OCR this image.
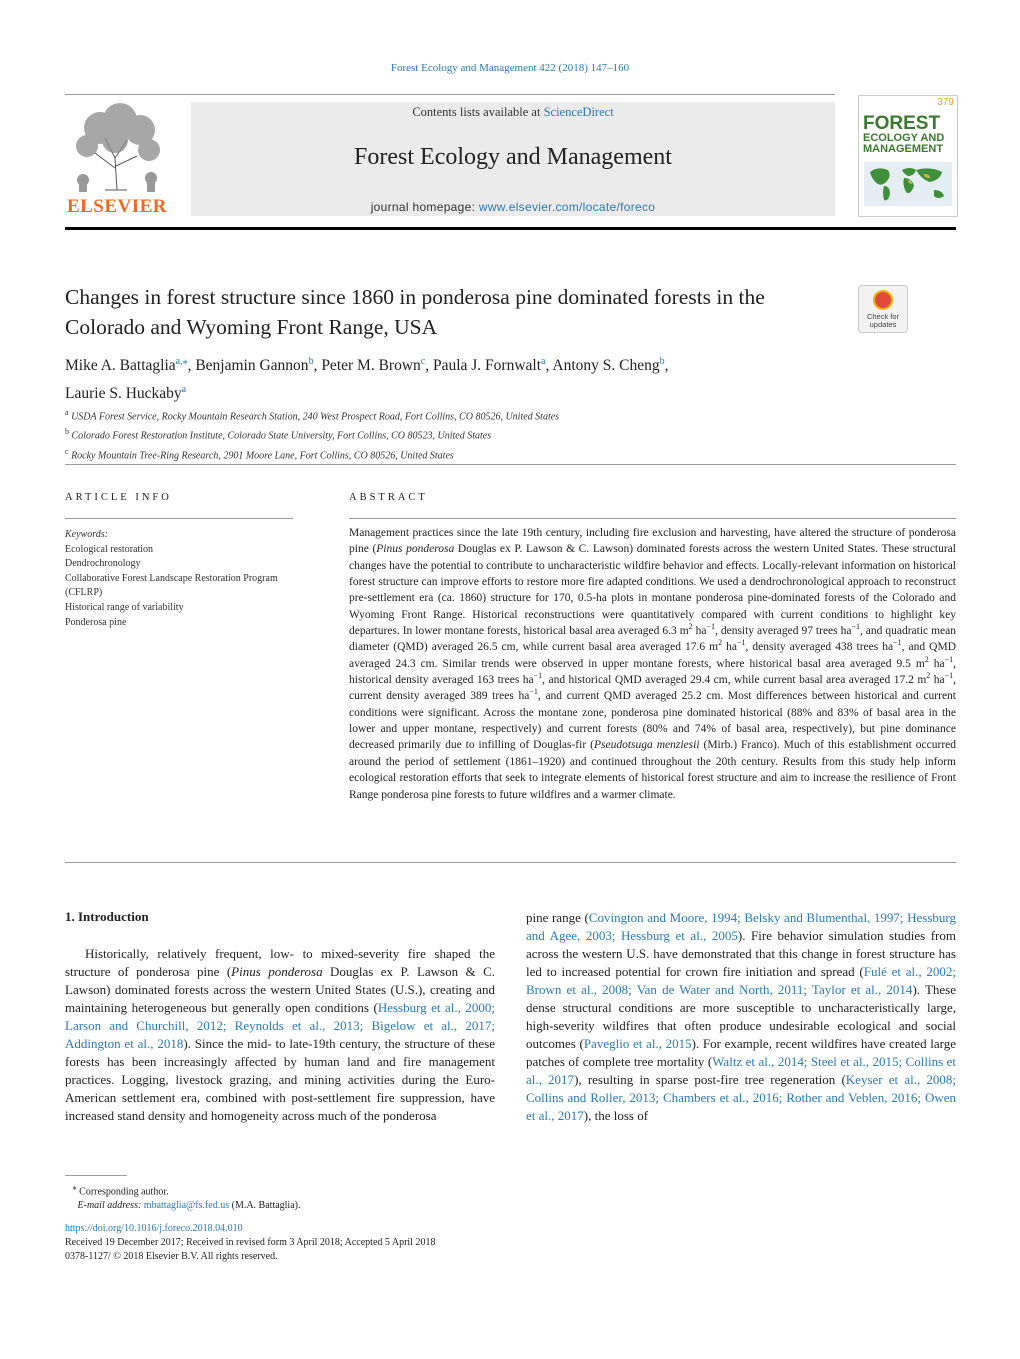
Forest Ecology and Management 422 (2018) 147–160
ELSEVIER
Contents lists available at ScienceDirect
Forest Ecology and Management
journal homepage: www.elsevier.com/locate/foreco
379
FOREST
ECOLOGY AND
MANAGEMENT
Changes in forest structure since 1860 in ponderosa pine dominated forests in the Colorado and Wyoming Front Range, USA	Check for
updates
Mike A. Battaglia$^{a,⁎}$, Benjamin Gannon$^b$, Peter M. Brown$^c$, Paula J. Fornwalt$^a$, Antony S. Cheng$^b$,
Laurie S. Huckaby$^a$
$^a$ USDA Forest Service, Rocky Mountain Research Station, 240 West Prospect Road, Fort Collins, CO 80526, United States
$^b$ Colorado Forest Restoration Institute, Colorado State University, Fort Collins, CO 80523, United States
$^c$ Rocky Mountain Tree-Ring Research, 2901 Moore Lane, Fort Collins, CO 80526, United States
ARTICLE INFO	ABSTRACT
Keywords:
Ecological restoration
Dendrochronology
Collaborative Forest Landscape Restoration Program (CFLRP)
Historical range of variability
Ponderosa pine
Management practices since the late 19th century, including fire exclusion and harvesting, have altered the structure of ponderosa pine (Pinus ponderosa Douglas ex P. Lawson & C. Lawson) dominated forests across the western United States. These structural changes have the potential to contribute to uncharacteristic wildfire behavior and effects. Locally-relevant information on historical forest structure can improve efforts to restore more fire adapted conditions. We used a dendrochronological approach to reconstruct pre-settlement era (ca. 1860) structure for 170, 0.5-ha plots in montane ponderosa pine-dominated forests of the Colorado and Wyoming Front Range. Historical reconstructions were quantitatively compared with current conditions to highlight key departures. In lower montane forests, historical basal area averaged 6.3 $m^2$ $ha^{-1}$, density averaged 97 trees $ha^{-1}$, and quadratic mean diameter (QMD) averaged 26.5 cm, while current basal area averaged 17.6 $m^2$ $ha^{-1}$, density averaged 438 trees $ha^{-1}$, and QMD averaged 24.3 cm. Similar trends were observed in upper montane forests, where historical basal area averaged 9.5 $m^2$ $ha^{-1}$, historical density averaged 163 trees $ha^{-1}$, and historical QMD averaged 29.4 cm, while current basal area averaged 17.2 $m^2$ $ha^{-1}$, current density averaged 389 trees $ha^{-1}$, and current QMD averaged 25.2 cm. Most differences between historical and current conditions were significant. Across the montane zone, ponderosa pine dominated historical (88% and 83% of basal area in the lower and upper montane, respectively) and current forests (80% and 74% of basal area, respectively), but pine dominance decreased primarily due to infilling of Douglas-fir (Pseudotsuga menziesii (Mirb.) Franco). Much of this establishment occurred around the period of settlement (1861–1920) and continued throughout the 20th century. Results from this study help inform ecological restoration efforts that seek to integrate elements of historical forest structure and aim to increase the resilience of Front Range ponderosa pine forests to future wildfires and a warmer climate.
1. Introduction

Historically, relatively frequent, low- to mixed-severity fire shaped the structure of ponderosa pine (Pinus ponderosa Douglas ex P. Lawson & C. Lawson) dominated forests across the western United States (U.S.), creating and maintaining heterogeneous but generally open conditions (Hessburg et al., 2000; Larson and Churchill, 2012; Reynolds et al., 2013; Bigelow et al., 2017; Addington et al., 2018). Since the mid- to late-19th century, the structure of these forests has been increasingly affected by human land and fire management practices. Logging, livestock grazing, and mining activities during the Euro-American settlement era, combined with post-settlement fire suppression, have increased stand density and homogeneity across much of the ponderosa

pine range (Covington and Moore, 1994; Belsky and Blumenthal, 1997; Hessburg and Agee, 2003; Hessburg et al., 2005). Fire behavior simulation studies from across the western U.S. have demonstrated that this change in forest structure has led to increased potential for crown fire initiation and spread (Fulé et al., 2002; Brown et al., 2008; Van de Water and North, 2011; Taylor et al., 2014). These dense structural conditions are more susceptible to uncharacteristically large, high-severity wildfires that often produce undesirable ecological and social outcomes (Paveglio et al., 2015). For example, recent wildfires have created large patches of complete tree mortality (Waltz et al., 2014; Steel et al., 2015; Collins et al., 2017), resulting in sparse post-fire tree regeneration (Keyser et al., 2008; Collins and Roller, 2013; Chambers et al., 2016; Rother and Veblen, 2016; Owen et al., 2017), the loss of

⁎ Corresponding author.
E-mail address: mbattaglia@fs.fed.us (M.A. Battaglia).
https://doi.org/10.1016/j.foreco.2018.04.010
Received 19 December 2017; Received in revised form 3 April 2018; Accepted 5 April 2018
0378-1127/ © 2018 Elsevier B.V. All rights reserved.
